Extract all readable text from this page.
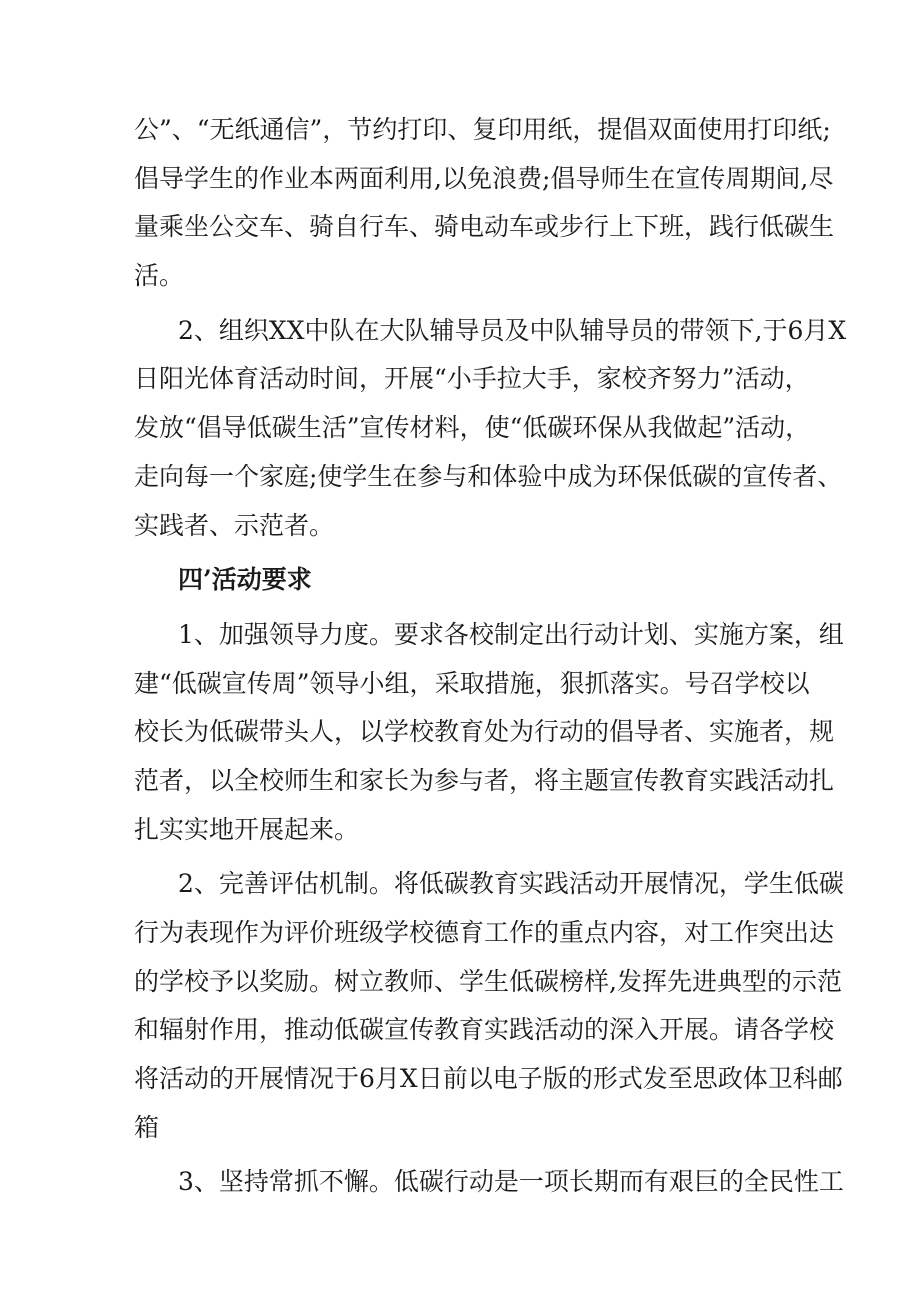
公”、“无纸通信”，节约打印、复印用纸，提倡双面使用打印纸;
倡导学生的作业本两面利用,以免浪费;倡导师生在宣传周期间,尽
量乘坐公交车、骑自行车、骑电动车或步行上下班，践行低碳生
活。
2、组织XX中队在大队辅导员及中队辅导员的带领下,于6月X
日阳光体育活动时间，开展“小手拉大手，家校齐努力”活动，
发放“倡导低碳生活”宣传材料，使“低碳环保从我做起”活动，
走向每一个家庭;使学生在参与和体验中成为环保低碳的宣传者、
实践者、示范者。
四’活动要求
1、加强领导力度。要求各校制定出行动计划、实施方案，组
建“低碳宣传周”领导小组，采取措施，狠抓落实。号召学校以
校长为低碳带头人，以学校教育处为行动的倡导者、实施者，规
范者，以全校师生和家长为参与者，将主题宣传教育实践活动扎
扎实实地开展起来。
2、完善评估机制。将低碳教育实践活动开展情况，学生低碳
行为表现作为评价班级学校德育工作的重点内容，对工作突出达
的学校予以奖励。树立教师、学生低碳榜样,发挥先进典型的示范
和辐射作用，推动低碳宣传教育实践活动的深入开展。请各学校
将活动的开展情况于6月X日前以电子版的形式发至思政体卫科邮
箱
3、坚持常抓不懈。低碳行动是一项长期而有艰巨的全民性工
